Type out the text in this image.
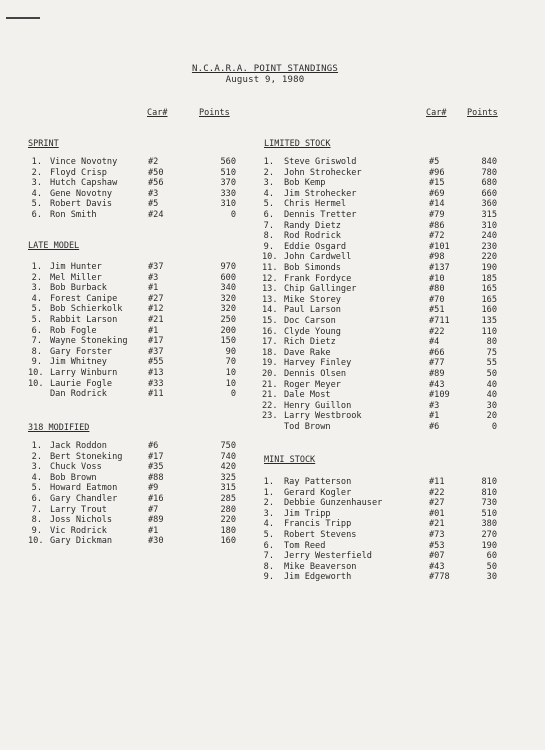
N.C.A.R.A. POINT STANDINGS
August 9, 1980
Car#	Points	Car# Points
SPRINT
1. Vince Novotny	#2	560
2. Floyd Crisp	#50	510
3. Hutch Capshaw	#56	370
4. Gene Novotny	#3	330
5. Robert Davis	#5	310
6. Ron Smith	#24	0
LATE MODEL
1. Jim Hunter	#37	970
2. Mel Miller	#3	600
3. Bob Burback	#1	340
4. Forest Canipe	#27	320
5. Bob Schierkolk	#12	320
5. Rabbit Larson	#21	250
6. Rob Fogle	#1	200
7. Wayne Stoneking #17	150
8. Gary Forster	#37	90
9. Jim Whitney	#55	70
10. Larry Winburn	#13	10
10. Laurie Fogle	#33	10
Dan Rodrick	#11	0
318 MODIFIED
1. Jack Roddon	#6	750
2. Bert Stoneking	#17	740
3. Chuck Voss	#35	420
4. Bob Brown	#88	325
5. Howard Eatmon	#9	315
6. Gary Chandler	#16	285
7. Larry Trout	#7	280
8. Joss Nichols	#89	220
9. Vic Rodrick	#1	180
10. Gary Dickman	#30	160
LIMITED STOCK
1. Steve Griswold	#5	840
2. John Strohecker	#96	780
3. Bob Kemp	#15	680
4. Jim Strohecker	#69	660
5. Chris Hermel	#14	360
6. Dennis Tretter	#79	315
7. Randy Dietz	#86	310
8. Rod Rodrick	#72	240
9. Eddie Osgard	#101	230
10. John Cardwell	#98	220
11. Bob Simonds	#137	190
12. Frank Fordyce	#10	185
13. Chip Gallinger	#80	165
13. Mike Storey	#70	165
14. Paul Larson	#51	160
15. Doc Carson	#711	135
16. Clyde Young	#22	110
17. Rich Dietz	#4	80
18. Dave Rake	#66	75
19. Harvey Finley	#77	55
20. Dennis Olsen	#89	50
21. Roger Meyer	#43	40
21. Dale Most	#109	40
22. Henry Guillon	#3	30
23. Larry Westbrook	#1	20
Tod Brown	#6	0
MINI STOCK
1. Ray Patterson	#11	810
1. Gerard Kogler	#22	810
2. Debbie Gunzenhauser	#27	730
3. Jim Tripp	#01	510
4. Francis Tripp	#21	380
5. Robert Stevens	#73	270
6. Tom Reed	#53	190
7. Jerry Westerfield	#07	60
8. Mike Beaverson	#43	50
9. Jim Edgeworth	#778	30
